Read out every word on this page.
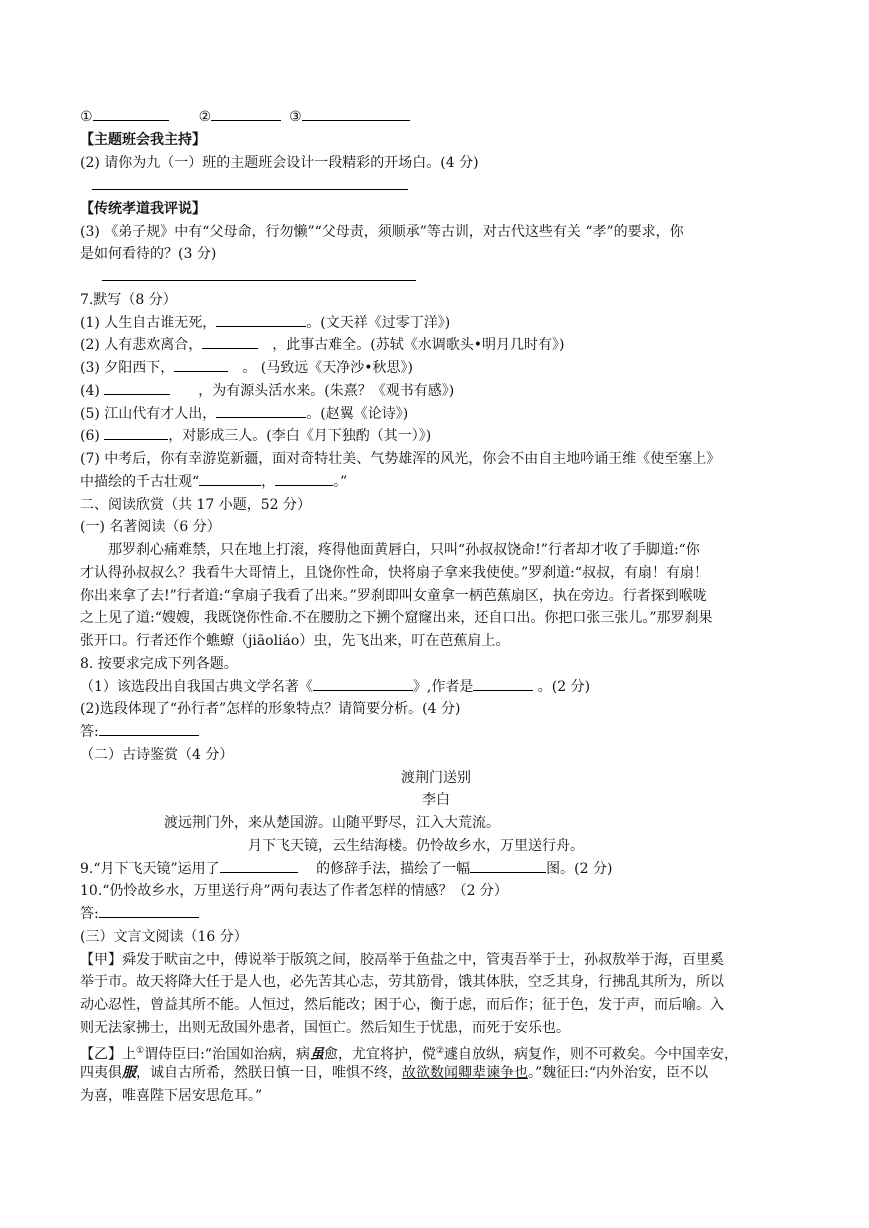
①	②	③
【主题班会我主持】
(2) 请你为九（一）班的主题班会设计一段精彩的开场白。(4 分)
【传统孝道我评说】
(3) 《弟子规》中有“父母命，行勿懒”“父母责，须顺承”等古训，对古代这些有关 “孝”的要求，你
是如何看待的？(3 分)
7.默写（8 分）
(1) 人生自古谁无死，	。(文天祥《过零丁洋》)
(2) 人有悲欢离合，	，此事古难全。(苏轼《水调歌头•明月几时有》)
(3) 夕阳西下，	。 (马致远《天净沙•秋思》)
(4)	，为有源头活水来。(朱熹？《观书有感》)
(5) 江山代有才人出，	。(赵翼《论诗》)
(6)	，对影成三人。(李白《月下独酌（其一）》)
(7) 中考后，你有幸游览新疆，面对奇特壮美、气势雄浑的风光，你会不由自主地吟诵王维《使至塞上》
中描绘的千古壮观“	，	。”
二、阅读欣赏（共 17 小题，52 分）
(一) 名著阅读（6 分）
那罗刹心痛难禁，只在地上打滚，疼得他面黄唇白，只叫“孙叔叔饶命!”行者却才收了手脚道:“你
才认得孙叔叔么？我看牛大哥情上，且饶你性命，快将扇子拿来我使使。”罗刹道:“叔叔，有扇！有扇！
你出来拿了去!”行者道:“拿扇子我看了出来。”罗刹即叫女童拿一柄芭蕉扇区，执在旁边。行者探到喉咙
之上见了道:“嫂嫂，我既饶你性命.不在腰肋之下搠个窟窿出来，还自口出。你把口张三张儿。”那罗刹果
张开口。行者还作个蟭蟟（jiāoliáo）虫，先飞出来，叮在芭蕉肩上。
8. 按要求完成下列各题。
（1）该选段出自我国古典文学名著《	》,作者是	。(2 分)
(2)选段体现了“孙行者”怎样的形象特点？请简要分析。(4 分)
答:
（二）古诗鉴赏（4 分）
渡荆门送别
李白
渡远荆门外，来从楚国游。山随平野尽，江入大荒流。
月下飞天镜，云生结海楼。仍怜故乡水，万里送行舟。
9.“月下飞天镜”运用了	的修辞手法，描绘了一幅	图。(2 分)
10.“仍怜故乡水，万里送行舟”两句表达了作者怎样的情感？（2 分）
答:
(三）文言文阅读（16 分）
【甲】舜发于畎亩之中，傅说举于版筑之间，胶鬲举于鱼盐之中，管夷吾举于士，孙叔敖举于海，百里奚
举于市。故天将降大任于是人也，必先苦其心志，劳其筋骨，饿其体肤，空乏其身，行拂乱其所为，所以
动心忍性，曾益其所不能。人恒过，然后能改；困于心，衡于虑，而后作；征于色，发于声，而后喻。入
则无法家拂士，出则无敌国外患者，国恒亡。然后知生于忧患，而死于安乐也。
【乙】上①谓侍臣曰:“治国如治病，病虽愈，尤宜将护，傥②遽自放纵，病复作，则不可救矣。今中国幸安，
四夷俱服，诚自古所希，然朕日慎一日，唯惧不终，故欲数闻卿辈谏争也。”魏征曰:“内外治安，臣不以
为喜，唯喜陛下居安思危耳。”
